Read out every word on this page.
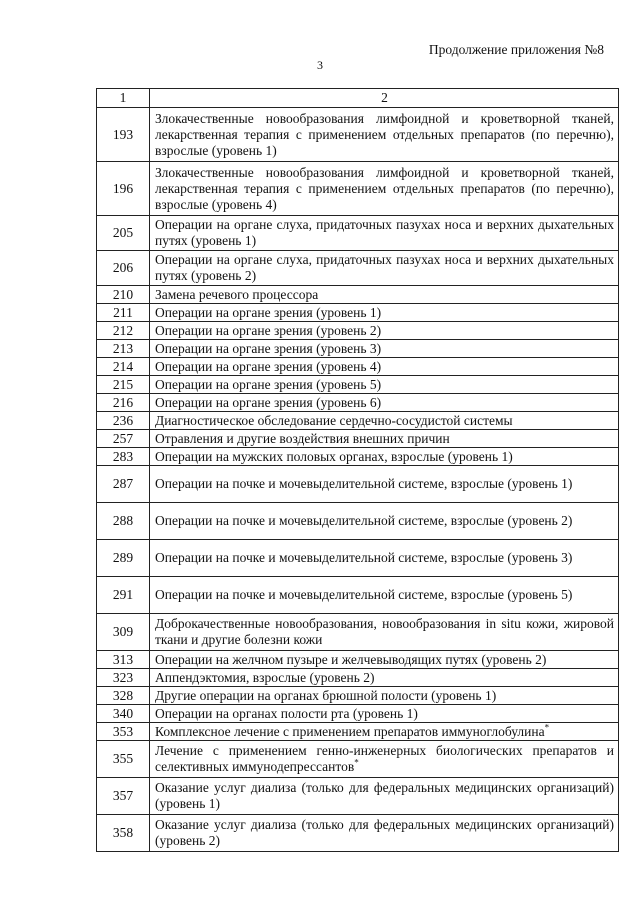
Продолжение приложения №8
3
1	2
193	Злокачественные новообразования лимфоидной и кроветворной тканей, лекарственная терапия с применением отдельных препаратов (по перечню), взрослые (уровень 1)
196	Злокачественные новообразования лимфоидной и кроветворной тканей, лекарственная терапия с применением отдельных препаратов (по перечню), взрослые (уровень 4)
205	Операции на органе слуха, придаточных пазухах носа и верхних дыхательных путях (уровень 1)
206	Операции на органе слуха, придаточных пазухах носа и верхних дыхательных путях (уровень 2)
210	Замена речевого процессора
211	Операции на органе зрения (уровень 1)
212	Операции на органе зрения (уровень 2)
213	Операции на органе зрения (уровень 3)
214	Операции на органе зрения (уровень 4)
215	Операции на органе зрения (уровень 5)
216	Операции на органе зрения (уровень 6)
236	Диагностическое обследование сердечно-сосудистой системы
257	Отравления и другие воздействия внешних причин
283	Операции на мужских половых органах, взрослые (уровень 1)
287	Операции на почке и мочевыделительной системе, взрослые (уровень 1)
288	Операции на почке и мочевыделительной системе, взрослые (уровень 2)
289	Операции на почке и мочевыделительной системе, взрослые (уровень 3)
291	Операции на почке и мочевыделительной системе, взрослые (уровень 5)
309	Доброкачественные новообразования, новообразования in situ кожи, жировой ткани и другие болезни кожи
313	Операции на желчном пузыре и желчевыводящих путях (уровень 2)
323	Аппендэктомия, взрослые (уровень 2)
328	Другие операции на органах брюшной полости (уровень 1)
340	Операции на органах полости рта (уровень 1)
353	Комплексное лечение с применением препаратов иммуноглобулина*
355	Лечение с применением генно-инженерных биологических препаратов и селективных иммунодепрессантов*
357	Оказание услуг диализа (только для федеральных медицинских организаций) (уровень 1)
358	Оказание услуг диализа (только для федеральных медицинских организаций) (уровень 2)
